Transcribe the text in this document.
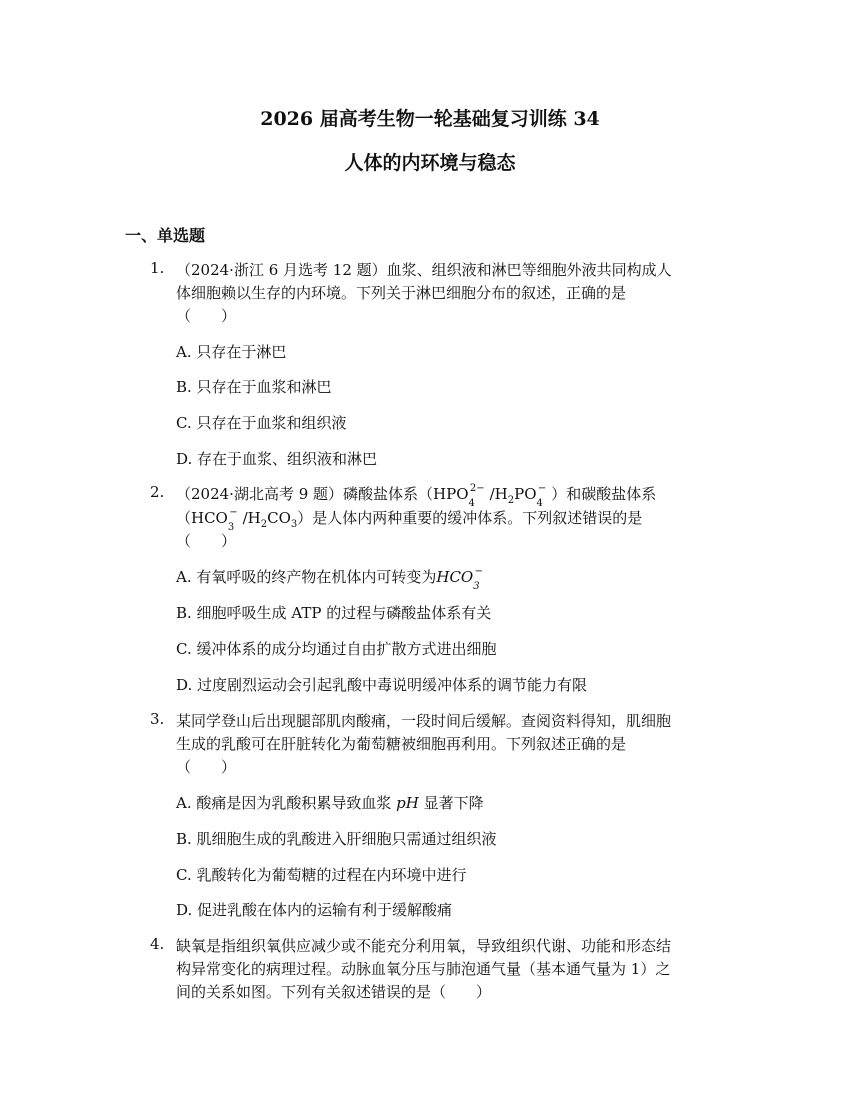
2026 届高考生物一轮基础复习训练 34
人体的内环境与稳态
一、单选题
1. （2024·浙江 6 月选考 12 题）血浆、组织液和淋巴等细胞外液共同构成人
体细胞赖以生存的内环境。下列关于淋巴细胞分布的叙述，正确的是
（　　）
A. 只存在于淋巴
B. 只存在于血浆和淋巴
C. 只存在于血浆和组织液
D. 存在于血浆、组织液和淋巴
2. （2024·湖北高考 9 题）磷酸盐体系（$HPO_4^{2-}$ $/H_2PO_4^-$ ）和碳酸盐体系
（$HCO_3^-$ $/H_2CO_3$）是人体内两种重要的缓冲体系。下列叙述错误的是
（　　）
A. 有氧呼吸的终产物在机体内可转变为$HCO_3^-$
B. 细胞呼吸生成 ATP 的过程与磷酸盐体系有关
C. 缓冲体系的成分均通过自由扩散方式进出细胞
D. 过度剧烈运动会引起乳酸中毒说明缓冲体系的调节能力有限
3. 某同学登山后出现腿部肌肉酸痛，一段时间后缓解。查阅资料得知，肌细胞
生成的乳酸可在肝脏转化为葡萄糖被细胞再利用。下列叙述正确的是
（　　）
A. 酸痛是因为乳酸积累导致血浆 pH 显著下降
B. 肌细胞生成的乳酸进入肝细胞只需通过组织液
C. 乳酸转化为葡萄糖的过程在内环境中进行
D. 促进乳酸在体内的运输有利于缓解酸痛
4. 缺氧是指组织氧供应减少或不能充分利用氧，导致组织代谢、功能和形态结
构异常变化的病理过程。动脉血氧分压与肺泡通气量（基本通气量为 1）之
间的关系如图。下列有关叙述错误的是（　　）
